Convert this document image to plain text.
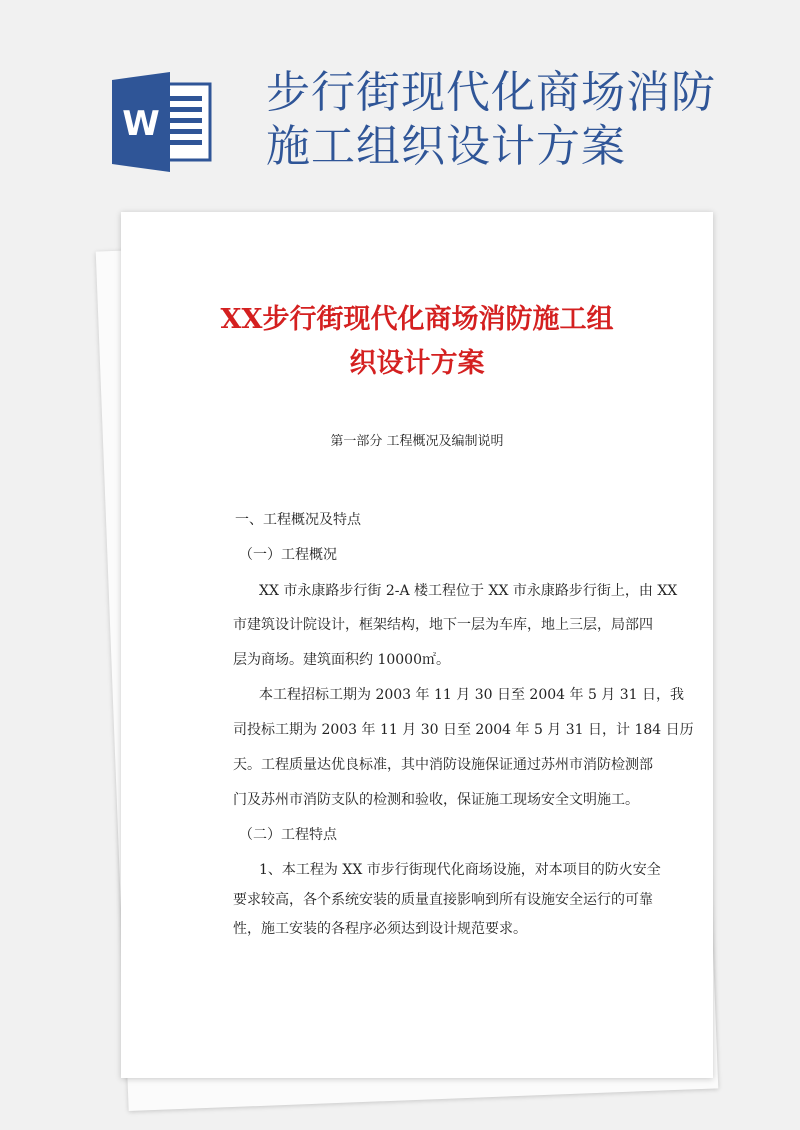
W
步行街现代化商场消防
施工组织设计方案
XX步行街现代化商场消防施工组
织设计方案
第一部分 工程概况及编制说明
一、工程概况及特点
（一）工程概况
XX 市永康路步行街 2-A 楼工程位于 XX 市永康路步行街上，由 XX
市建筑设计院设计，框架结构，地下一层为车库，地上三层，局部四
层为商场。建筑面积约 10000㎡。
本工程招标工期为 2003 年 11 月 30 日至 2004 年 5 月 31 日，我
司投标工期为 2003 年 11 月 30 日至 2004 年 5 月 31 日，计 184 日历
天。工程质量达优良标准，其中消防设施保证通过苏州市消防检测部
门及苏州市消防支队的检测和验收，保证施工现场安全文明施工。
（二）工程特点
1、本工程为 XX 市步行街现代化商场设施，对本项目的防火安全
要求较高，各个系统安装的质量直接影响到所有设施安全运行的可靠
性，施工安装的各程序必须达到设计规范要求。
